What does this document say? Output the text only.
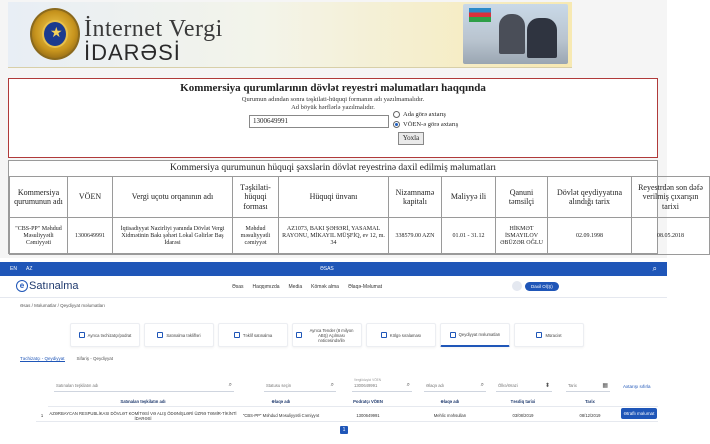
★ İnternet Vergi
İDARƏSİ
Kommersiya qurumlarının dövlət reyestri məlumatları haqqında
Qurumun adından sonra təşkilati-hüquqi formanın adı yazılmamalıdır.
Ad böyük hərflərlə yazılmalıdır.
1300649991
Ada görə axtarış
VÖEN-ə görə axtarış
Yoxla
Kommersiya qurumunun hüquqi şəxslərin dövlət reyestrinə daxil edilmiş məlumatları
Kommersiya qurumunun adı	VÖEN	Vergi uçotu orqanının adı	Təşkilati-hüquqi forması	Hüquqi ünvanı	Nizamnamə kapitalı	Maliyyə ili	Qanuni təmsilçi	Dövlət qeydiyyatına alındığı tarix	Reyestrdən son dəfə verilmiş çıxarışın tarixi
"CBS-PP" Məhdud Məsuliyyətli Cəmiyyəti	1300649991	İqtisadiyyat Nazirliyi yanında Dövlət Vergi Xidmətinin Bakı şəhəri Lokal Gəlirlər Baş İdarəsi	Məhdud məsuliyyətli cəmiyyət	AZ1073, BAKI ŞƏHƏRİ, YASAMAL RAYONU, MİKAYIL MÜŞFİQ, ev 12, m. 34	338579.00 AZN	01.01 - 31.12	HİKMƏT İSMAYILOV ƏBÜZƏR OĞLU	02.09.1998	08.05.2018
EN AZ	ƏSAS	⌕
e Satınalma	Əsas Haqqımızda Media Kömək alma Əlaqə-Məlumat	Daxil Ol(Ş)
Əsas / Məlumatlar / Qeydiyyat məlumatları
Ayrıca təchizatçı/podrat	Satınalma təklifləri	Təklif satınalma
Ayrıca Tender (8 milyon ABŞ) Açılması nəticəsində/ilə
Kölgə sıralaması	Qeydiyyat məlumatları	Müraciət
Təchizatçı - Qeydiyyat	Sifariş - Qeydiyyat
Satınalan təşkilatın adı	⌕	Statusu seçin	⌕
Vergiödəyici VÖEN
1300649991	⌕	Əlaqə adı	⌕	Ölkə/Ərazi	⬍	Tarix	▦	Axtarışı sıfırla
Satınalan təşkilatın adı	Əlaqə adı	Podratçı VÖEN	Əlaqə adı	Təsdiq tarixi	Tarix
1	AZƏRBAYCAN RESPUBLİKASI DÖVLƏT KOMİTƏSİ VƏ ALIŞ ÖDƏNİŞLƏRİ ÜZRƏ TƏMİR-TİKİNTİ İDARƏSİ	"CBS-PP" Məhdud Məsuliyyətli Cəmiyyət	1300649991	Mehlic məhsulları	03/08/2019	08/12/2019	Ətraflı məlumat
1
